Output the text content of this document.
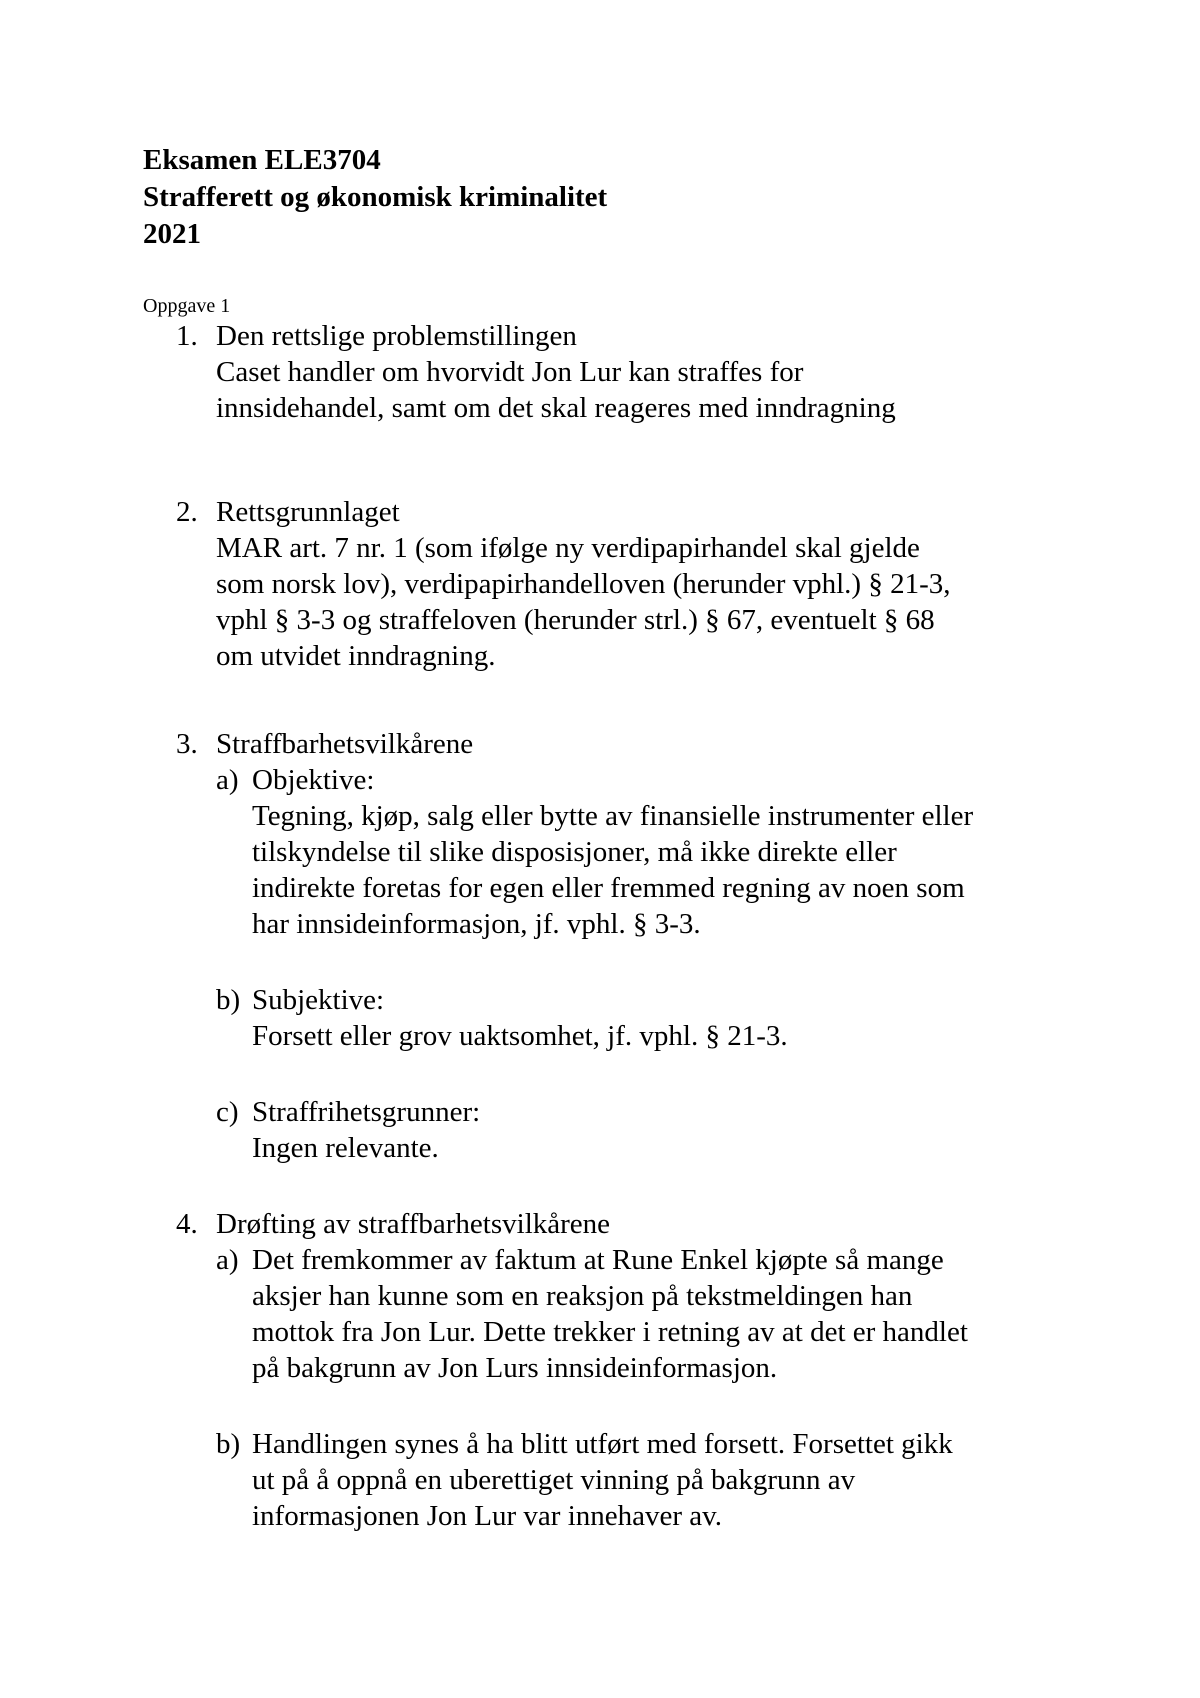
Eksamen ELE3704
Strafferett og økonomisk kriminalitet
2021
Oppgave 1
1. Den rettslige problemstillingen
Caset handler om hvorvidt Jon Lur kan straffes for
innsidehandel, samt om det skal reageres med inndragning
2. Rettsgrunnlaget
MAR art. 7 nr. 1 (som ifølge ny verdipapirhandel skal gjelde
som norsk lov), verdipapirhandelloven (herunder vphl.) § 21-3,
vphl § 3-3 og straffeloven (herunder strl.) § 67, eventuelt § 68
om utvidet inndragning.
3. Straffbarhetsvilkårene
a) Objektive:
Tegning, kjøp, salg eller bytte av finansielle instrumenter eller
tilskyndelse til slike disposisjoner, må ikke direkte eller
indirekte foretas for egen eller fremmed regning av noen som
har innsideinformasjon, jf. vphl. § 3-3.
b) Subjektive:
Forsett eller grov uaktsomhet, jf. vphl. § 21-3.
c) Straffrihetsgrunner:
Ingen relevante.
4. Drøfting av straffbarhetsvilkårene
a) Det fremkommer av faktum at Rune Enkel kjøpte så mange
aksjer han kunne som en reaksjon på tekstmeldingen han
mottok fra Jon Lur. Dette trekker i retning av at det er handlet
på bakgrunn av Jon Lurs innsideinformasjon.
b) Handlingen synes å ha blitt utført med forsett. Forsettet gikk
ut på å oppnå en uberettiget vinning på bakgrunn av
informasjonen Jon Lur var innehaver av.
